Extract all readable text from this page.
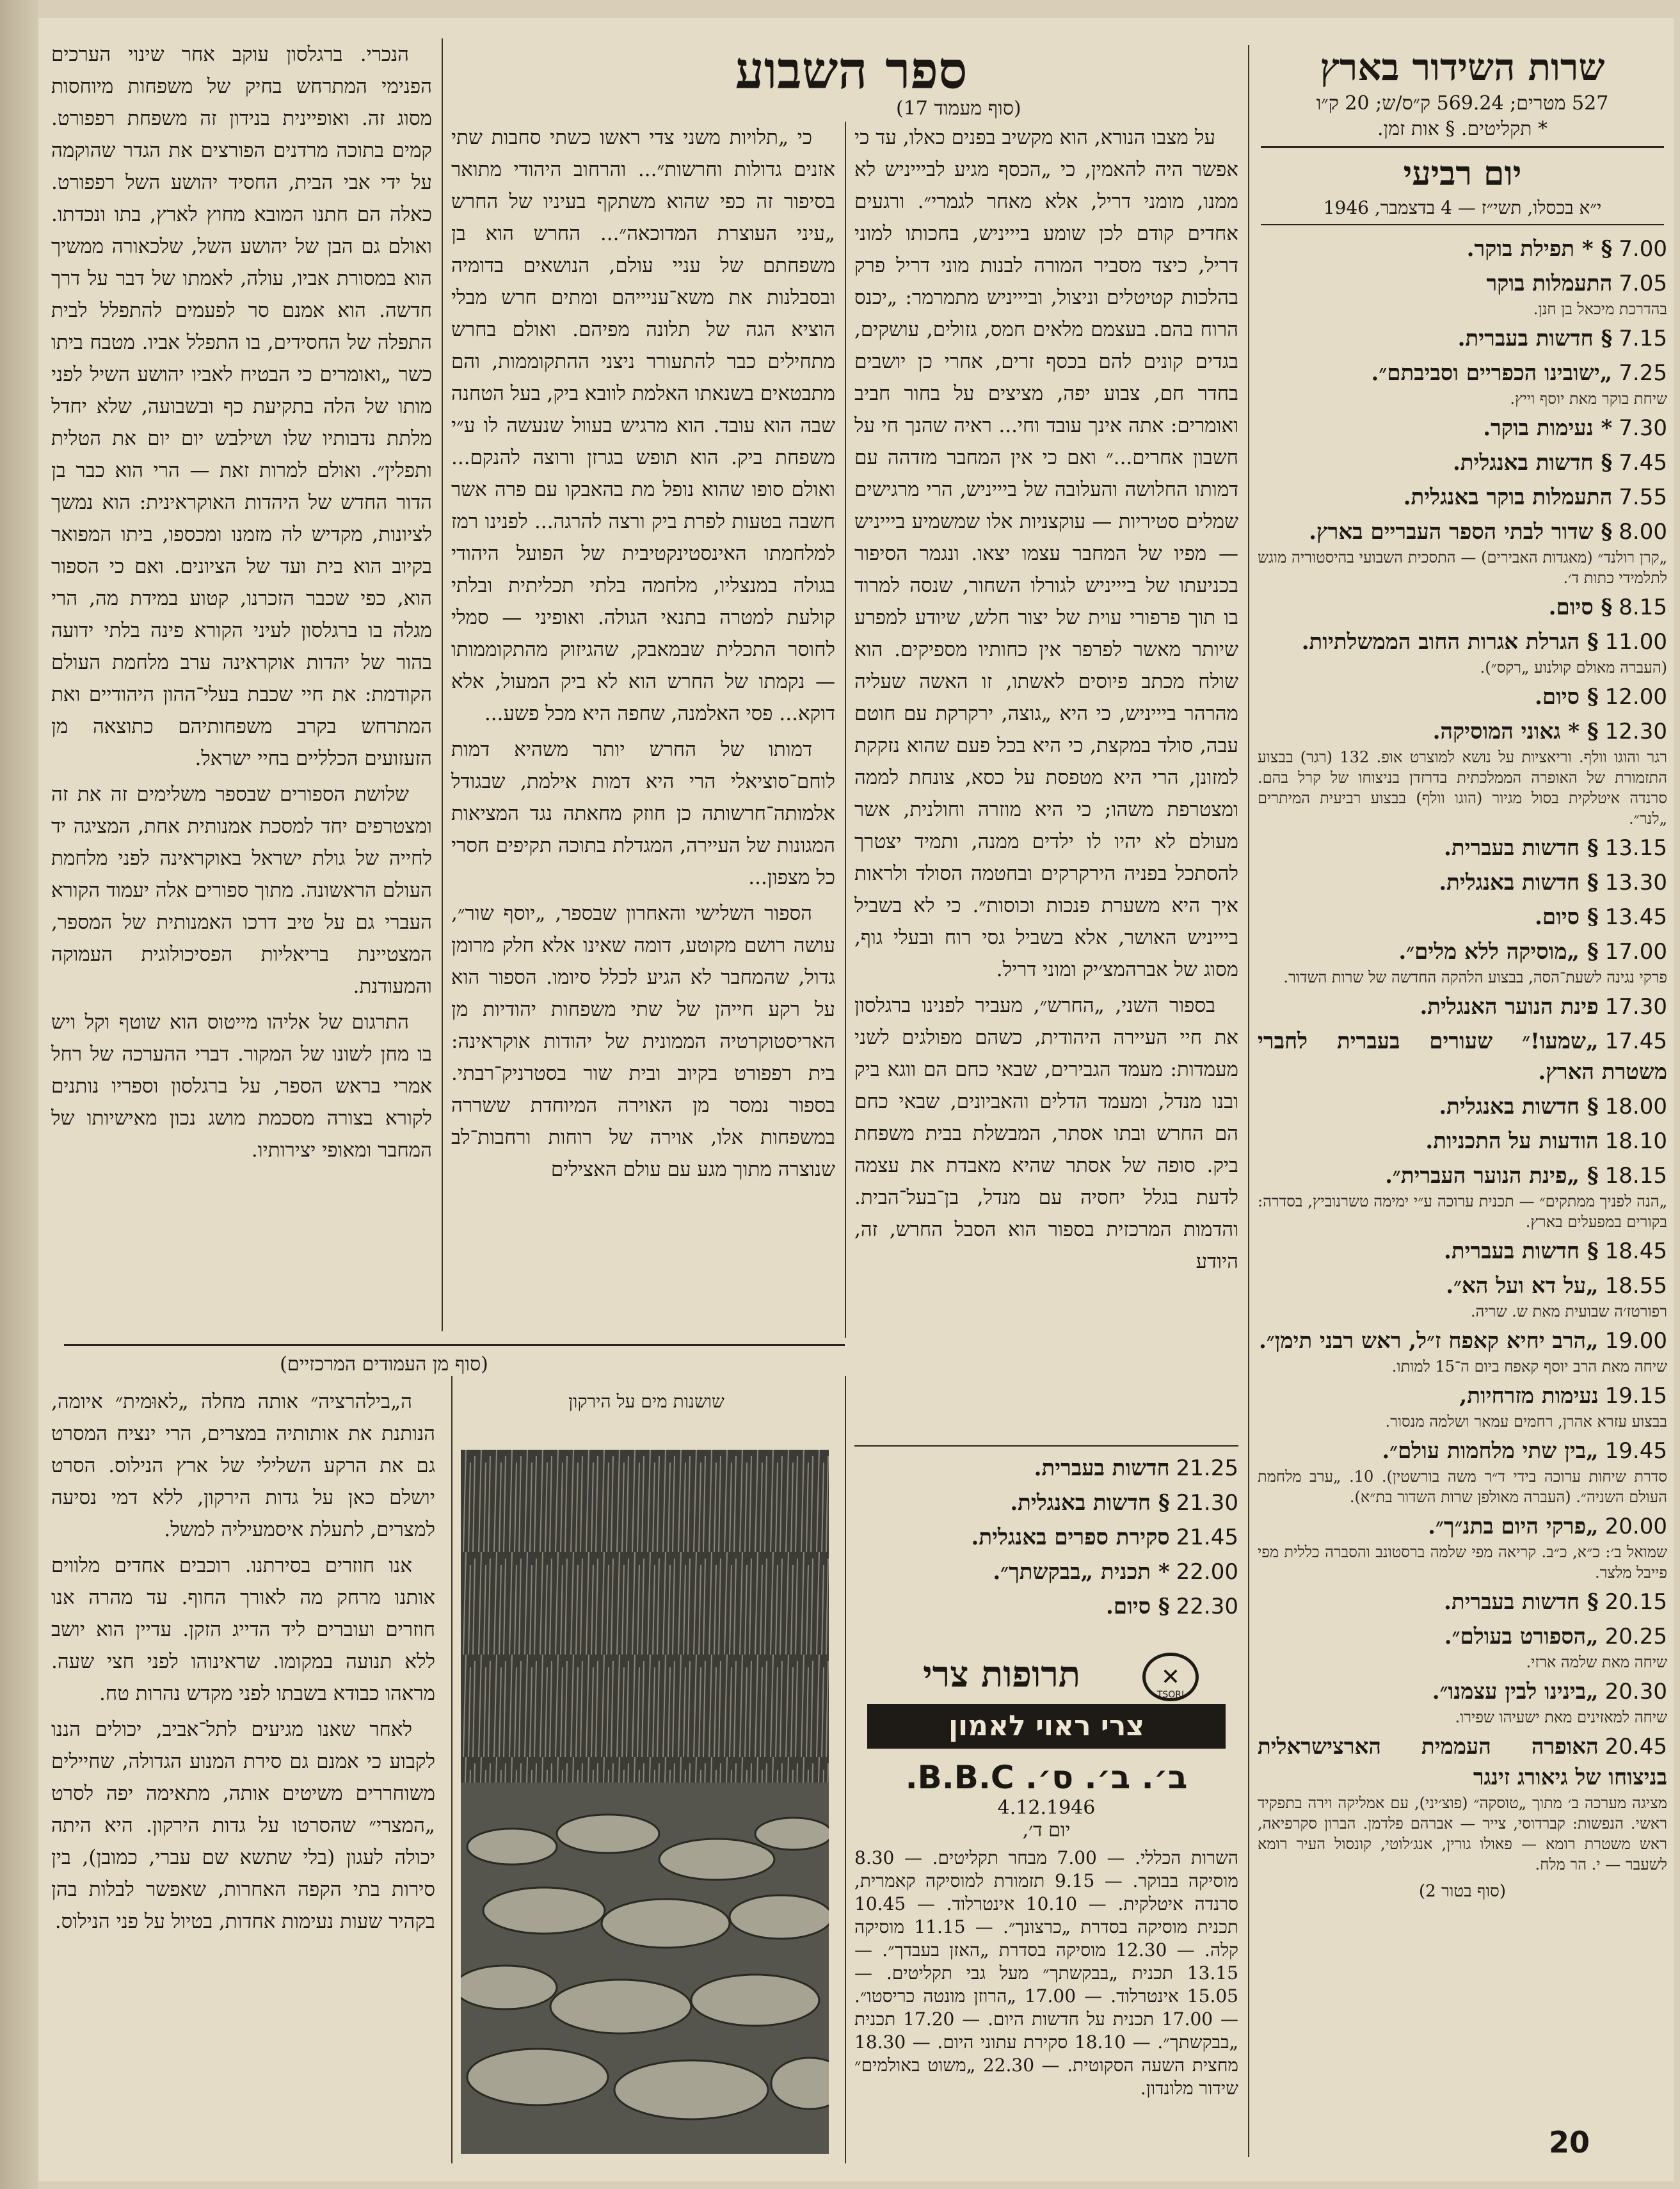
שרות השידור בארץ
527 מטרים; 569.24 ק״ס/ש; 20 ק״ו
* תקליטים. § אות זמן.
יום רביעי
י״א בכסלו, תשי״ז — 4 בדצמבר, 1946
7.00§ * תפילת בוקר.
7.05התעמלות בוקר
בהדרכת מיכאל בן חנן.
7.15§ חדשות בעברית.
7.25„ישובינו הכפריים וסביבתם״.
שיחת בוקר מאת יוסף וייץ.
7.30* נעימות בוקר.
7.45§ חדשות באנגלית.
7.55התעמלות בוקר באנגלית.
8.00§ שדור לבתי הספר העבריים בארץ.
„קרן רולנד״ (מאגדות האבירים) — התסכית השבועי בהיסטוריה מוגש לתלמידי כתות ד׳.
8.15§ סיום.
11.00§ הגרלת אגרות החוב הממשלתיות.
(העברה מאולם קולנוע „רקס״).
12.00§ סיום.
12.30§ * גאוני המוסיקה.
רגר והוגו וולף. וריאציות על נושא למוצרט אופ. 132 (רגר) בבצוע התזמורת של האופרה הממלכתית בדרזדן בניצוחו של קרל בהם. סרנדה איטלקית בסול מגיור (הוגו וולף) בבצוע רביעית המיתרים „לנר״.
13.15§ חדשות בעברית.
13.30§ חדשות באנגלית.
13.45§ סיום.
17.00§ „מוסיקה ללא מלים״.
פרקי נגינה לשעת־הסה, בבצוע הלהקה החדשה של שרות השדור.
17.30פינת הנוער האנגלית.
17.45„שמעו!״ שעורים בעברית לחברי משטרת הארץ.
18.00§ חדשות באנגלית.
18.10הודעות על התכניות.
18.15§ „פינת הנוער העברית״.
„הנה לפניך ממתקים״ — תכנית ערוכה ע״י ימימה טשרנוביץ, בסדרה: בקורים במפעלים בארץ.
18.45§ חדשות בעברית.
18.55„על דא ועל הא״.
רפורטז׳ה שבועית מאת ש. שריה.
19.00„הרב יחיא קאפח ז״ל, ראש רבני תימן״.
שיחה מאת הרב יוסף קאפח ביום ה־15 למותו.
19.15נעימות מזרחיות,
בבצוע עזרא אהרן, רחמים עמאר ושלמה מנסור.
19.45„בין שתי מלחמות עולם״.
סדרת שיחות ערוכה בידי ד״ר משה בורשטין). 10. „ערב מלחמת העולם השניה״. (העברה מאולפן שרות השדור בת״א).
20.00„פרקי היום בתנ״ך״.
שמואל ב׳: כ״א, כ״ב. קריאה מפי שלמה ברסטונב והסברה כללית מפי פייבל מלצר.
20.15§ חדשות בעברית.
20.25„הספורט בעולם״.
שיחה מאת שלמה ארזי.
20.30„בינינו לבין עצמנו״.
שיחה למאזינים מאת ישעיהו שפירו.
20.45האופרה העממית הארצישראלית בניצוחו של גיאורג זינגר
מציגה מערכה ב׳ מתוך „טוסקה״ (פוצ׳יני), עם אמליקה וירה בתפקיד ראשי. הנפשות: קברדוסי, צייר — אברהם פלדמן. הברון סקרפיאה, ראש משטרת רומא — פאולו גורין, אנג׳לוטי, קונסול העיר רומא לשעבר — י. הר מלח.
(סוף בטור 2)
ספר השבוע
(סוף מעמוד 17)

על מצבו הנורא, הוא מקשיב בפנים כאלו, עד כי אפשר היה להאמין, כי „הכסף מגיע לביייניש לא ממנו, מומני דריל, אלא מאחר לגמרי״. ורגעים אחדים קודם לכן שומע ביייניש, בחכותו למוני דריל, כיצד מסביר המורה לבנות מוני דריל פרק בהלכות קטיטלים וניצול, וביייניש מתמרמר: „יכנס הרוח בהם. בעצמם מלאים חמס, גזולים, עושקים, בגדים קונים להם בכסף זרים, אחרי כן יושבים בחדר חם, צבוע יפה, מציצים על בחור חביב ואומרים: אתה אינך עובד וחי... ראיה שהנך חי על חשבון אחרים...״ ואם כי אין המחבר מזדהה עם דמותו החלושה והעלובה של ביייניש, הרי מרגישים שמלים סטיריות — עוקצניות אלו שמשמיע ביייניש — מפיו של המחבר עצמו יצאו. ונגמר הסיפור בכניעתו של ביייניש לגורלו השחור, שנסה למרוד בו תוך פרפורי עוית של יצור חלש, שיודע למפרע שיותר מאשר לפרפר אין כחותיו מספיקים. הוא שולח מכתב פיוסים לאשתו, זו האשה שעליה מהרהר ביייניש, כי היא „גוצה, ירקרקת עם חוטם עבה, סולד במקצת, כי היא בכל פעם שהוא נזקקת למזונן, הרי היא מטפסת על כסא, צונחת לממה ומצטרפת משהו; כי היא מוזרה וחולנית, אשר מעולם לא יהיו לו ילדים ממנה, ותמיד יצטרך להסתכל בפניה הירקרקים ובחטמה הסולד ולראות איך היא משערת פנכות וכוסות״. כי לא בשביל ביייניש האושר, אלא בשביל גסי רוח ובעלי גוף, מסוג של אברהמצ׳יק ומוני דריל.

בספור השני, „החרש״, מעביר לפנינו ברגלסון את חיי העיירה היהודית, כשהם מפולגים לשני מעמדות: מעמד הגבירים, שבאי כחם הם ווגא ביק ובנו מנדל, ומעמד הדלים והאביונים, שבאי כחם הם החרש ובתו אסתר, המבשלת בבית משפחת ביק. סופה של אסתר שהיא מאבדת את עצמה לדעת בגלל יחסיה עם מנדל, בן־בעל־הבית. והדמות המרכזית בספור הוא הסבל החרש, זה, היודע

כי „תלויות משני צדי ראשו כשתי סחבות שתי אזנים גדולות וחרשות״... והרחוב היהודי מתואר בסיפור זה כפי שהוא משתקף בעיניו של החרש „עיני העוצרת המדוכאה״... החרש הוא בן משפחתם של עניי עולם, הנושאים בדומיה ובסבלנות את משא־עניייהם ומתים חרש מבלי הוציא הגה של תלונה מפיהם. ואולם בחרש מתחילים כבר להתעורר ניצני ההתקוממות, והם מתבטאים בשנאתו האלמת לוובא ביק, בעל הטחנה שבה הוא עובד. הוא מרגיש בעוול שנעשה לו ע״י משפחת ביק. הוא תופש בגרזן ורוצה להנקם... ואולם סופו שהוא נופל מת בהאבקו עם פרה אשר חשבה בטעות לפרת ביק ורצה להרגה... לפנינו רמז למלחמתו האינסטינקטיבית של הפועל היהודי בגולה במנצליו, מלחמה בלתי תכליתית ובלתי קולעת למטרה בתנאי הגולה. ואופיני — סמלי לחוסר התכלית שבמאבק, שהגיזוק מהתקוממותו — נקמתו של החרש הוא לא ביק המעול, אלא דוקא... פסי האלמנה, שחפה היא מכל פשע...

דמותו של החרש יותר משהיא דמות לוחם־סוציאלי הרי היא דמות אילמת, שבגודל אלמותה־חרשותה כן חוזק מחאתה נגד המציאות המגונות של העיירה, המגדלת בתוכה תקיפים חסרי כל מצפון...

הספור השלישי והאחרון שבספר, „יוסף שור״, עושה רושם מקוטע, דומה שאינו אלא חלק מרומן גדול, שהמחבר לא הגיע לכלל סיומו. הספור הוא על רקע חייהן של שתי משפחות יהודיות מן האריסטוקרטיה הממונית של יהודות אוקראינה: בית רפפורט בקיוב ובית שור בסטרניק־רבתי. בספור נמסר מן האוירה המיוחדת ששררה במשפחות אלו, אוירה של רוחות ורחבות־לב שנוצרה מתוך מגע עם עולם האצילים

הנכרי. ברגלסון עוקב אחר שינוי הערכים הפנימי המתרחש בחיק של משפחות מיוחסות מסוג זה. ואופיינית בנידון זה משפחת רפפורט. קמים בתוכה מרדנים הפורצים את הגדר שהוקמה על ידי אבי הבית, החסיד יהושע השל רפפורט. כאלה הם חתנו המובא מחוץ לארץ, בתו ונכדתו. ואולם גם הבן של יהושע השל, שלכאורה ממשיך הוא במסורת אביו, עולה, לאמתו של דבר על דרך חדשה. הוא אמנם סר לפעמים להתפלל לבית התפלה של החסידים, בו התפלל אביו. מטבח ביתו כשר „ואומרים כי הבטיח לאביו יהושע השיל לפני מותו של הלה בתקיעת כף ובשבועה, שלא יחדל מלתת נדבותיו שלו ושילבש יום יום את הטלית ותפלין״. ואולם למרות זאת — הרי הוא כבר בן הדור החדש של היהדות האוקראינית: הוא נמשך לציונות, מקדיש לה מזמנו ומכספו, ביתו המפואר בקיוב הוא בית ועד של הציונים. ואם כי הספור הוא, כפי שכבר הזכרנו, קטוע במידת מה, הרי מגלה בו ברגלסון לעיני הקורא פינה בלתי ידועה בהור של יהדות אוקראינה ערב מלחמת העולם הקודמת: את חיי שכבת בעלי־ההון היהודיים ואת המתרחש בקרב משפחותיהם כתוצאה מן הזעזועים הכלליים בחיי ישראל.

שלושת הספורים שבספר משלימים זה את זה ומצטרפים יחד למסכת אמנותית אחת, המציגה יד לחייה של גולת ישראל באוקראינה לפני מלחמת העולם הראשונה. מתוך ספורים אלה יעמוד הקורא העברי גם על טיב דרכו האמנותית של המספר, המצטיינת בריאליות הפסיכולוגית העמוקה והמעודנת.

התרגום של אליהו מייטוס הוא שוטף וקל ויש בו מחן לשונו של המקור. דברי ההערכה של רחל אמרי בראש הספר, על ברגלסון וספריו נותנים לקורא בצורה מסכמת מושג נכון מאישיותו של המחבר ומאופי יצירותיו.

(סוף מן העמודים המרכזיים)
21.25חדשות בעברית.
21.30§ חדשות באנגלית.
21.45סקירת ספרים באנגלית.
22.00* תכנית „בבקשתך״.
22.30§ סיום.
תרופות צרי	✕
TSORI
צרי ראוי לאמון
ב׳. ב׳. ס׳. B.B.C.
4.12.1946
יום ד׳,
השרות הכללי. — 7.00 מבחר תקליטים. — 8.30 מוסיקה בבוקר. — 9.15 תזמורת למוסיקה קאמרית, סרנדה איטלקית. — 10.10 אינטרלוד. — 10.45 תכנית מוסיקה בסדרת „כרצונך״. — 11.15 מוסיקה קלה. — 12.30 מוסיקה בסדרת „האזן בעבדך״. — 13.15 תכנית „בבקשתך״ מעל גבי תקליטים. — 15.05 אינטרלוד. — 17.00 „הרוזן מונטה כריסטו״. — 17.00 תכנית על חדשות היום. — 17.20 תכנית „בבקשתך״. — 18.10 סקירת עתוני היום. — 18.30 מחצית השעה הסקוטית. — 22.30 „משוט באולמים״ שידור מלונדון.
שושנות מים על הירקון

ה„בילהרציה״ אותה מחלה „לאוּמית״ איומה, הנותנת את אותותיה במצרים, הרי ינציח המסרט גם את הרקע השלילי של ארץ הנילוס. הסרט יושלם כאן על גדות הירקון, ללא דמי נסיעה למצרים, לתעלת איסמעיליה למשל.

אנו חוזרים בסירתנו. רוכבים אחדים מלווים אותנו מרחק מה לאורך החוף. עד מהרה אנו חוזרים ועוברים ליד הדייג הזקן. עדיין הוא יושב ללא תנועה במקומו. שראינוהו לפני חצי שעה. מראהו כבודא בשבתו לפני מקדש נהרות טח.

לאחר שאנו מגיעים לתל־אביב, יכולים הננו לקבוע כי אמנם גם סירת המנוע הגדולה, שחיילים משוחררים משיטים אותה, מתאימה יפה לסרט „המצרי״ שהסרטו על גדות הירקון. היא היתה יכולה לעגון (בלי שתשא שם עברי, כמובן), בין סירות בתי הקפה האחרות, שאפשר לבלות בהן בקהיר שעות נעימות אחדות, בטיול על פני הנילוס.

20
